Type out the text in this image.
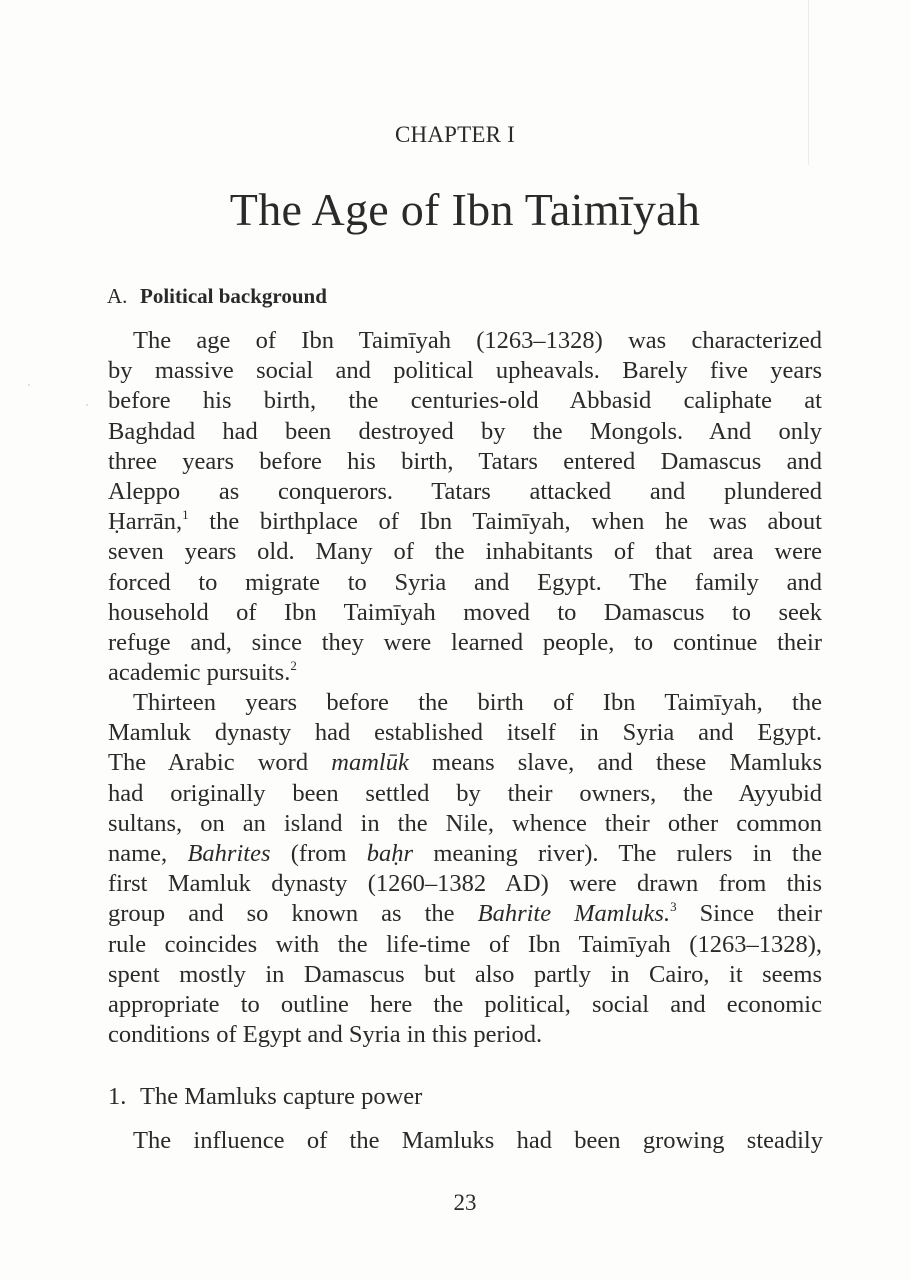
CHAPTER I
The Age of Ibn Taimīyah
A. Political background
The age of Ibn Taimīyah (1263–1328) was characterized
by massive social and political upheavals. Barely five years
before his birth, the centuries-old Abbasid caliphate at
Baghdad had been destroyed by the Mongols. And only
three years before his birth, Tatars entered Damascus and
Aleppo as conquerors. Tatars attacked and plundered
Ḥarrān,$^1$ the birthplace of Ibn Taimīyah, when he was about
seven years old. Many of the inhabitants of that area were
forced to migrate to Syria and Egypt. The family and
household of Ibn Taimīyah moved to Damascus to seek
refuge and, since they were learned people, to continue their
academic pursuits.$^2$
Thirteen years before the birth of Ibn Taimīyah, the
Mamluk dynasty had established itself in Syria and Egypt.
The Arabic word mamlūk means slave, and these Mamluks
had originally been settled by their owners, the Ayyubid
sultans, on an island in the Nile, whence their other common
name, Bahrites (from baḥr meaning river). The rulers in the
first Mamluk dynasty (1260–1382 AD) were drawn from this
group and so known as the Bahrite Mamluks.$^3$ Since their
rule coincides with the life-time of Ibn Taimīyah (1263–1328),
spent mostly in Damascus but also partly in Cairo, it seems
appropriate to outline here the political, social and economic
conditions of Egypt and Syria in this period.
1. The Mamluks capture power
The influence of the Mamluks had been growing steadily
23
